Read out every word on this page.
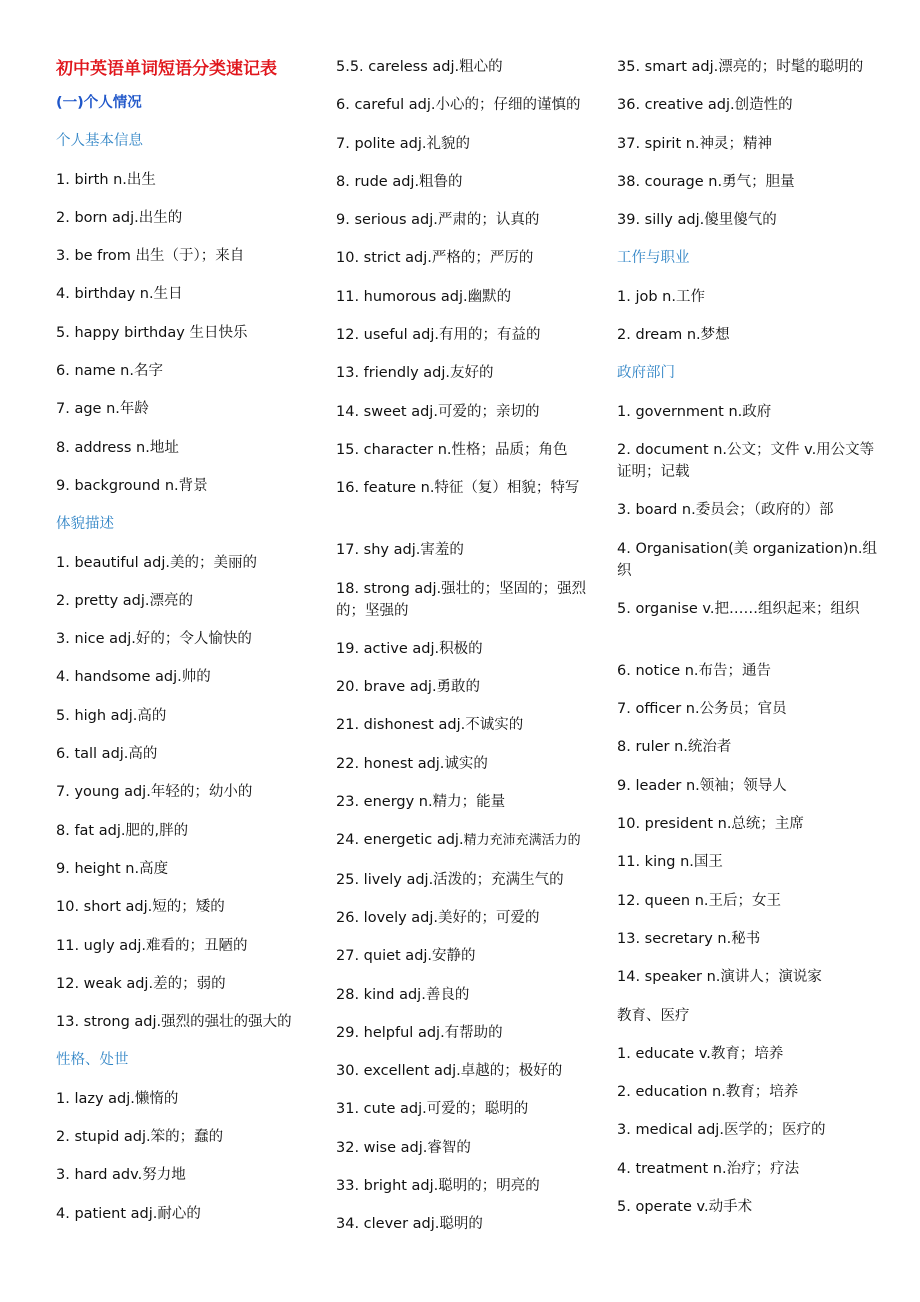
初中英语单词短语分类速记表
(一)个人情况
个人基本信息
1. birth n.出生
2. born adj.出生的
3. be from 出生（于）；来自
4. birthday n.生日
5. happy birthday 生日快乐
6. name n.名字
7. age n.年龄
8. address n.地址
9. background n.背景
体貌描述
1. beautiful adj.美的；美丽的
2. pretty adj.漂亮的
3. nice adj.好的；令人愉快的
4. handsome adj.帅的
5. high adj.高的
6. tall adj.高的
7. young adj.年轻的；幼小的
8. fat adj.肥的,胖的
9. height n.高度
10. short adj.短的；矮的
11. ugly adj.难看的；丑陋的
12. weak adj.差的；弱的
13. strong adj.强烈的强壮的强大的
性格、处世
1. lazy adj.懒惰的
2. stupid adj.笨的；蠢的
3. hard adv.努力地
4. patient adj.耐心的
5.5. careless adj.粗心的
6. careful adj.小心的；仔细的谨慎的
7. polite adj.礼貌的
8. rude adj.粗鲁的
9. serious adj.严肃的；认真的
10. strict adj.严格的；严厉的
11. humorous adj.幽默的
12. useful adj.有用的；有益的
13. friendly adj.友好的
14. sweet adj.可爱的；亲切的
15. character n.性格；品质；角色
16. feature n.特征（复）相貌；特写
17. shy adj.害羞的
18. strong adj.强壮的；坚固的；强烈的；坚强的
19. active adj.积极的
20. brave adj.勇敢的
21. dishonest adj.不诚实的
22. honest adj.诚实的
23. energy n.精力；能量
24. energetic adj.精力充沛充满活力的
25. lively adj.活泼的；充满生气的
26. lovely adj.美好的；可爱的
27. quiet adj.安静的
28. kind adj.善良的
29. helpful adj.有帮助的
30. excellent adj.卓越的；极好的
31. cute adj.可爱的；聪明的
32. wise adj.睿智的
33. bright adj.聪明的；明亮的
34. clever adj.聪明的
35. smart adj.漂亮的；时髦的聪明的
36. creative adj.创造性的
37. spirit n.神灵；精神
38. courage n.勇气；胆量
39. silly adj.傻里傻气的
工作与职业
1. job n.工作
2. dream n.梦想
政府部门
1. government n.政府
2. document n.公文；文件 v.用公文等证明；记载
3. board n.委员会；（政府的）部
4. Organisation(美 organization)n.组织
5. organise v.把……组织起来；组织
6. notice n.布告；通告
7. officer n.公务员；官员
8. ruler n.统治者
9. leader n.领袖；领导人
10. president n.总统；主席
11. king n.国王
12. queen n.王后；女王
13. secretary n.秘书
14. speaker n.演讲人；演说家
教育、医疗
1. educate v.教育；培养
2. education n.教育；培养
3. medical adj.医学的；医疗的
4. treatment n.治疗；疗法
5. operate v.动手术
